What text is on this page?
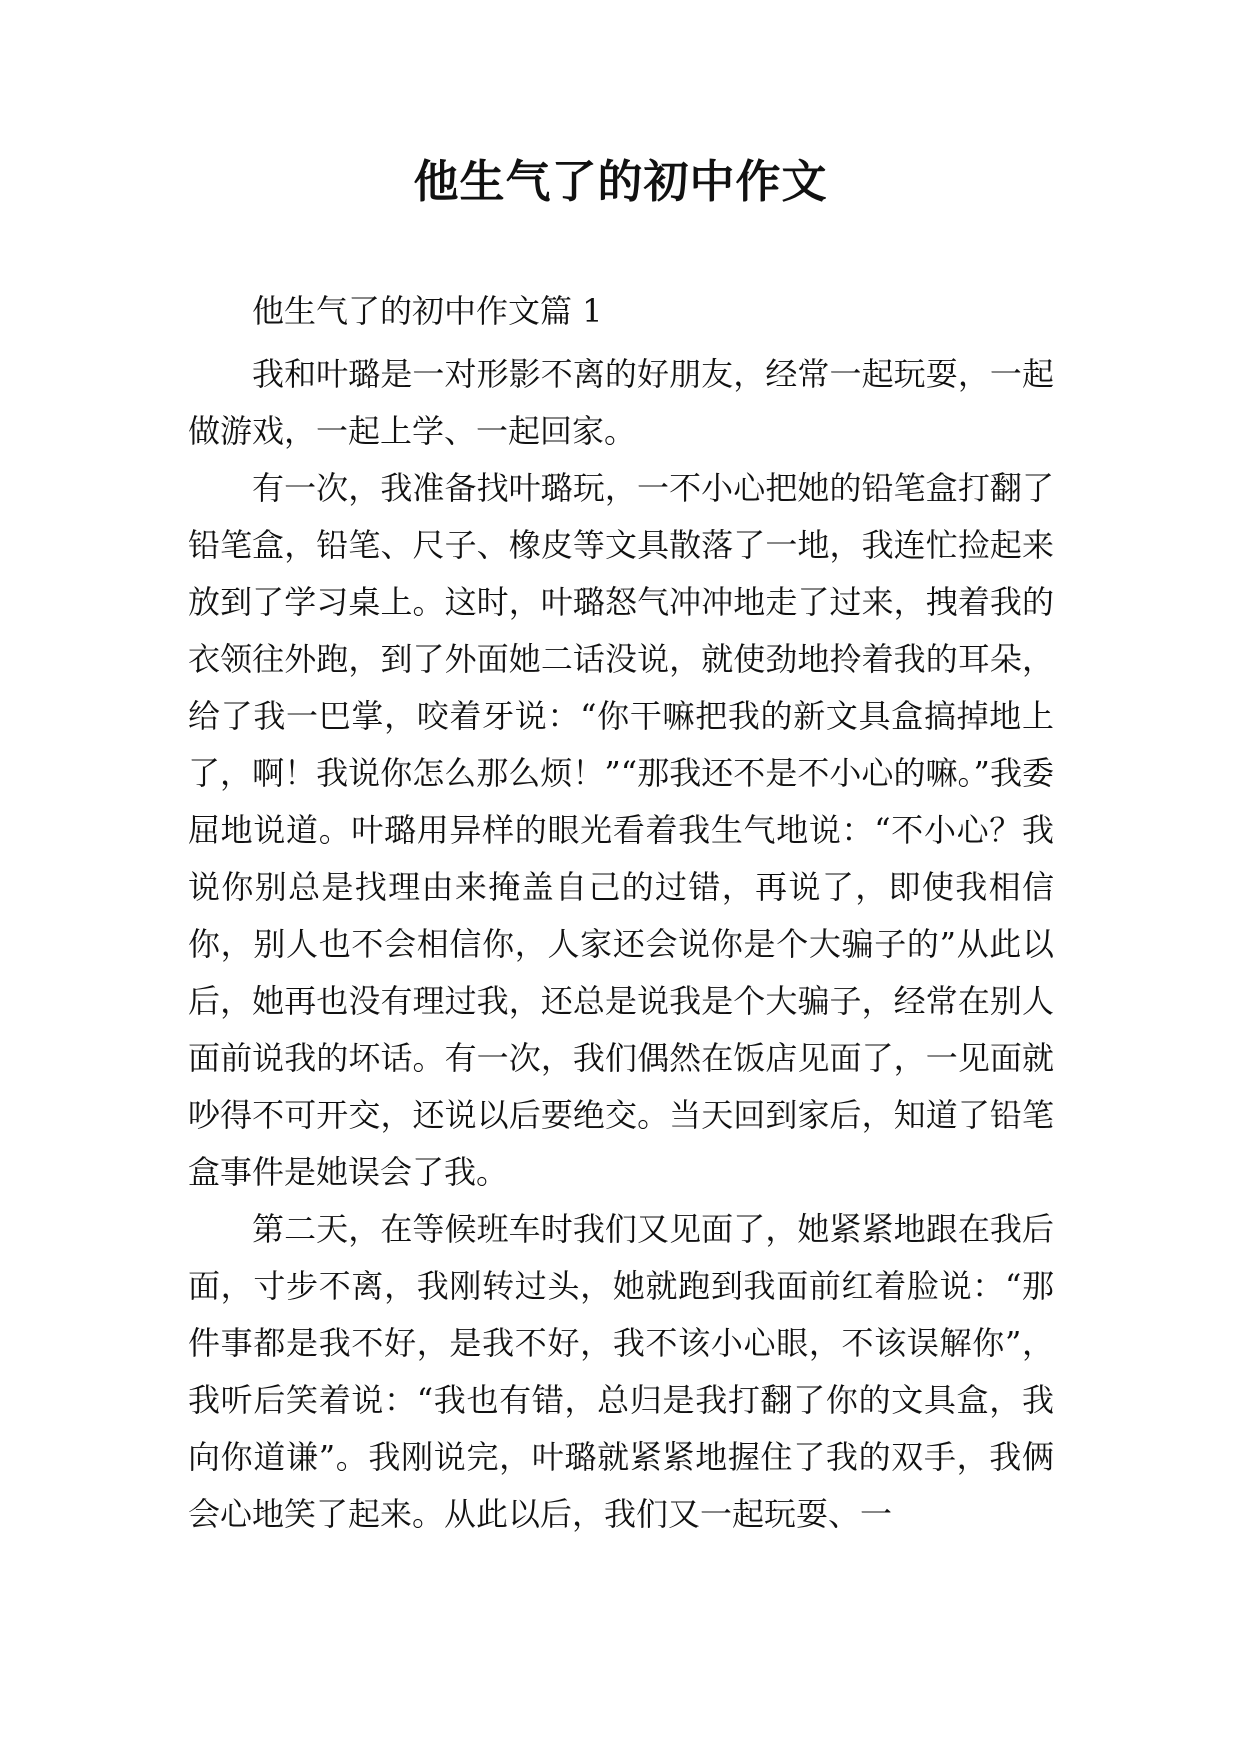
他生气了的初中作文

他生气了的初中作文篇 1

我和叶璐是一对形影不离的好朋友，经常一起玩耍，一起做游戏，一起上学、一起回家。

有一次，我准备找叶璐玩，一不小心把她的铅笔盒打翻了铅笔盒，铅笔、尺子、橡皮等文具散落了一地，我连忙捡起来放到了学习桌上。这时，叶璐怒气冲冲地走了过来，拽着我的衣领往外跑，到了外面她二话没说，就使劲地拎着我的耳朵，给了我一巴掌，咬着牙说：“你干嘛把我的新文具盒搞掉地上了，啊！我说你怎么那么烦！”“那我还不是不小心的嘛。”我委屈地说道。叶璐用异样的眼光看着我生气地说：“不小心？我说你别总是找理由来掩盖自己的过错，再说了，即使我相信你，别人也不会相信你，人家还会说你是个大骗子的”从此以后，她再也没有理过我，还总是说我是个大骗子，经常在别人面前说我的坏话。有一次，我们偶然在饭店见面了，一见面就吵得不可开交，还说以后要绝交。当天回到家后，知道了铅笔盒事件是她误会了我。

第二天，在等候班车时我们又见面了，她紧紧地跟在我后面，寸步不离，我刚转过头，她就跑到我面前红着脸说：“那件事都是我不好，是我不好，我不该小心眼，不该误解你”，我听后笑着说：“我也有错，总归是我打翻了你的文具盒，我向你道谦”。我刚说完，叶璐就紧紧地握住了我的双手，我俩会心地笑了起来。从此以后，我们又一起玩耍、一
